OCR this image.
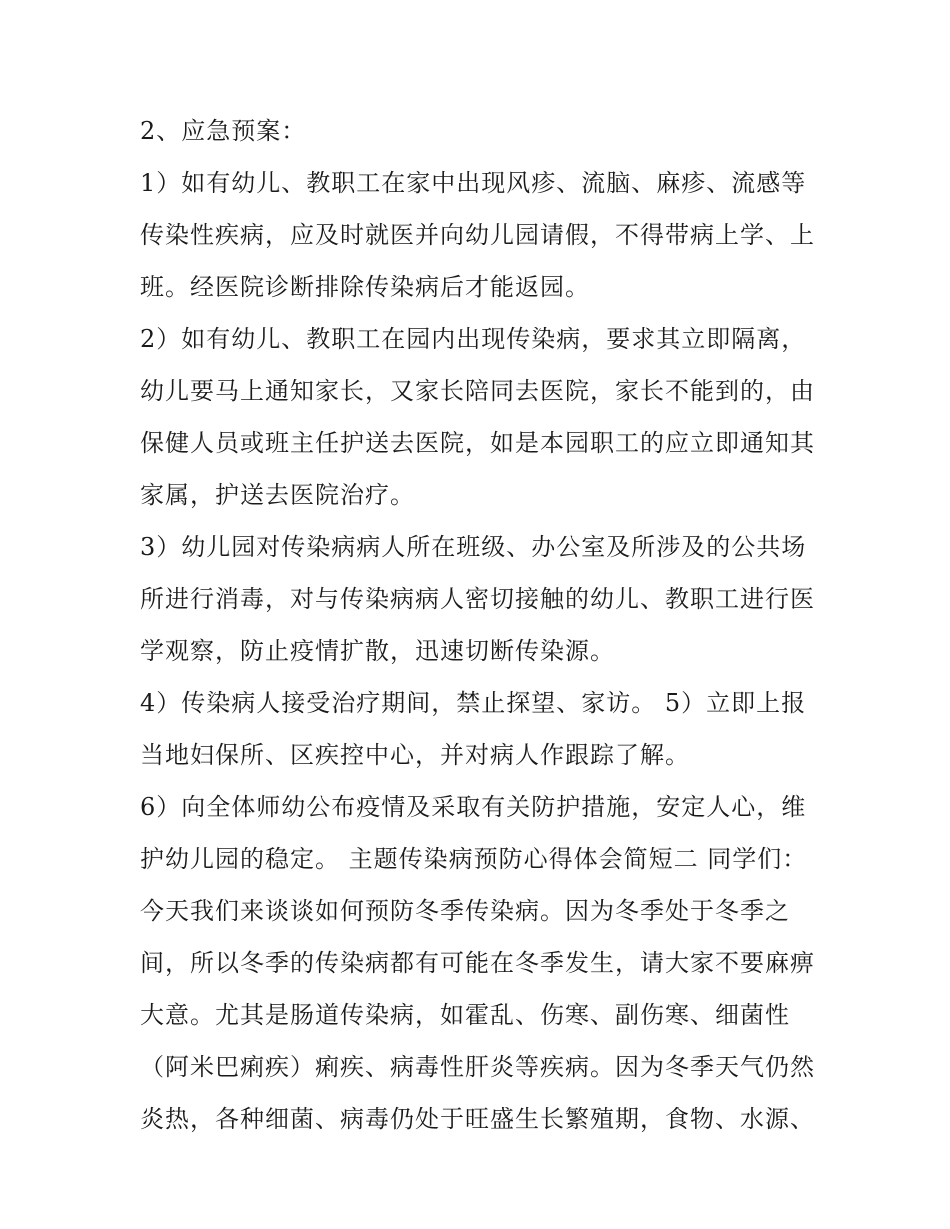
2、应急预案：
1）如有幼儿、教职工在家中出现风疹、流脑、麻疹、流感等
传染性疾病，应及时就医并向幼儿园请假，不得带病上学、上
班。经医院诊断排除传染病后才能返园。
2）如有幼儿、教职工在园内出现传染病，要求其立即隔离，
幼儿要马上通知家长，又家长陪同去医院，家长不能到的，由
保健人员或班主任护送去医院，如是本园职工的应立即通知其
家属，护送去医院治疗。
3）幼儿园对传染病病人所在班级、办公室及所涉及的公共场
所进行消毒，对与传染病病人密切接触的幼儿、教职工进行医
学观察，防止疫情扩散，迅速切断传染源。
4）传染病人接受治疗期间，禁止探望、家访。 5）立即上报
当地妇保所、区疾控中心，并对病人作跟踪了解。
6）向全体师幼公布疫情及采取有关防护措施，安定人心，维
护幼儿园的稳定。 主题传染病预防心得体会简短二 同学们：
今天我们来谈谈如何预防冬季传染病。因为冬季处于冬季之
间，所以冬季的传染病都有可能在冬季发生，请大家不要麻痹
大意。尤其是肠道传染病，如霍乱、伤寒、副伤寒、细菌性
（阿米巴痢疾）痢疾、病毒性肝炎等疾病。因为冬季天气仍然
炎热，各种细菌、病毒仍处于旺盛生长繁殖期，食物、水源、
